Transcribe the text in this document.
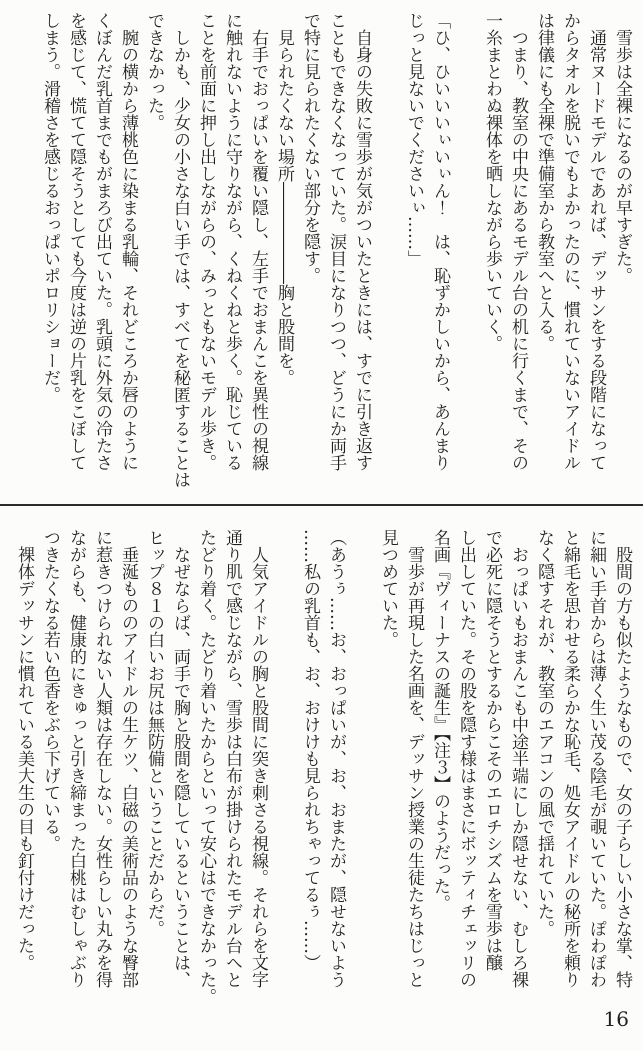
雪歩は全裸になるのが早すぎた。

通常ヌードモデルであれば、デッサンをする段階になって

からタオルを脱いでもよかったのに、慣れていないアイドル

は律儀にも全裸で準備室から教室へと入る。

つまり、教室の中央にあるモデル台の机に行くまで、その

一糸まとわぬ裸体を晒しながら歩いていく。

「ひ、ひいいいぃいぃん！　は、恥ずかしいから、あんまり

じっと見ないでくださいぃ……」

自身の失敗に雪歩が気がついたときには、すでに引き返す

こともできなくなっていた。涙目になりつつ、どうにか両手

で特に見られたくない部分を隠す。

見られたくない場所――――――胸と股間を。

右手でおっぱいを覆い隠し、左手でおまんこを異性の視線

に触れないように守りながら、くねくねと歩く。恥じている

ことを前面に押し出しながらの、みっともないモデル歩き。

しかも、少女の小さな白い手では、すべてを秘匿することは

できなかった。

腕の横から薄桃色に染まる乳輪、それどころか唇のように

くぼんだ乳首までもがまろび出ていた。乳頭に外気の冷たさ

を感じて、慌てて隠そうとしても今度は逆の片乳をこぼして

しまう。滑稽さを感じるおっぱいポロリショーだ。

股間の方も似たようなもので、女の子らしい小さな掌、特

に細い手首からは薄く生い茂る陰毛が覗いていた。ぽわぽわ

と綿毛を思わせる柔らかな恥毛、処女アイドルの秘所を頼り

なく隠すそれが、教室のエアコンの風で揺れていた。

おっぱいもおまんこも中途半端にしか隠せない、むしろ裸

で必死に隠そうとするからこそのエロチシズムを雪歩は醸

し出していた。その股を隠す様はまさにボッティチェッリの

名画『ヴィーナスの誕生』【注３】のようだった。

雪歩が再現した名画を、デッサン授業の生徒たちはじっと

見つめていた。

（あうぅ……お、おっぱいが、お、おまたが、隠せないよう

……私の乳首も、お、おけけも見られちゃってるぅ……）

人気アイドルの胸と股間に突き刺さる視線。それらを文字

通り肌で感じながら、雪歩は白布が掛けられたモデル台へと

たどり着く。たどり着いたからといって安心はできなかった。

なぜならば、両手で胸と股間を隠しているということは、

ヒップ８１の白いお尻は無防備ということだからだ。

垂涎もののアイドルの生ケツ、白磁の美術品のような臀部

に惹きつけられない人類は存在しない。女性らしい丸みを得

ながらも、健康的にきゅっと引き締まった白桃はむしゃぶり

つきたくなる若い色香をぶら下げている。

裸体デッサンに慣れている美大生の目も釘付けだった。

16
